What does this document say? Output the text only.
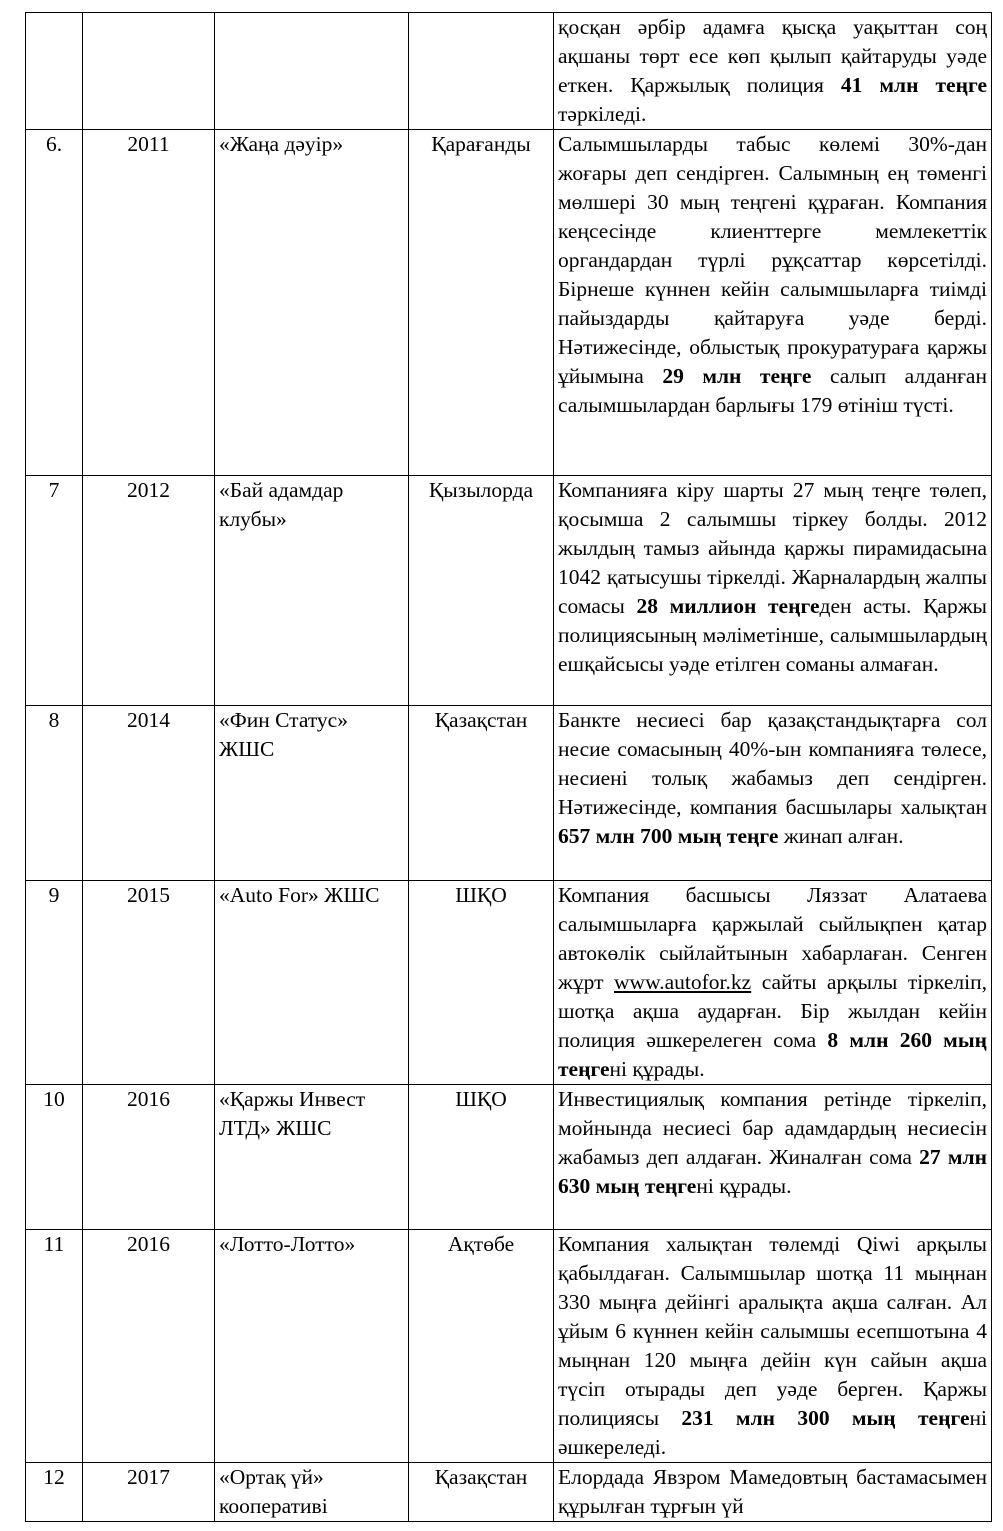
				қосқан әрбір адамға қысқа уақыттан соң ақшаны төрт есе көп қылып қайтаруды уәде еткен. Қаржылық полиция 41 млн теңге тәркіледі.

6.	2011	«Жаңа дәуір»	Қарағанды	Салымшыларды табыс көлемі 30%-дан жоғары деп сендірген. Салымның ең төменгі мөлшері 30 мың теңгені құраған. Компания кеңсесінде клиенттерге мемлекеттік органдардан түрлі рұқсаттар көрсетілді. Бірнеше күннен кейін салымшыларға тиімді пайыздарды қайтаруға уәде берді. Нәтижесінде, облыстық прокуратураға қаржы ұйымына 29 млн теңге салып алданған салымшылардан барлығы 179 өтініш түсті.

7	2012	«Бай адамдар клубы»	Қызылорда	Компанияға кіру шарты 27 мың теңге төлеп, қосымша 2 салымшы тіркеу болды. 2012 жылдың тамыз айында қаржы пирамидасына 1042 қатысушы тіркелді. Жарналардың жалпы сомасы 28 миллион теңгеден асты. Қаржы полициясының мәліметінше, салымшылардың ешқайсысы уәде етілген соманы алмаған.

8	2014	«Фин Статус» ЖШС	Қазақстан	Банкте несиесі бар қазақстандықтарға сол несие сомасының 40%-ын компанияға төлесе, несиені толық жабамыз деп сендірген. Нәтижесінде, компания басшылары халықтан 657 млн 700 мың теңге жинап алған.

9	2015	«Auto For» ЖШС	ШҚО	Компания басшысы Ляззат Алатаева салымшыларға қаржылай сыйлықпен қатар автокөлік сыйлайтынын хабарлаған. Сенген жұрт www.autofor.kz сайты арқылы тіркеліп, шотқа ақша аударған. Бір жылдан кейін полиция әшкерелеген сома 8 млн 260 мың теңгені құрады.

10	2016	«Қаржы Инвест ЛТД» ЖШС	ШҚО	Инвестициялық компания ретінде тіркеліп, мойнында несиесі бар адамдардың несиесін жабамыз деп алдаған. Жиналған сома 27 млн 630 мың теңгені құрады.

11	2016	«Лотто-Лотто»	Ақтөбе	Компания халықтан төлемді Qiwi арқылы қабылдаған. Салымшылар шотқа 11 мыңнан 330 мыңға дейінгі аралықта ақша салған. Ал ұйым 6 күннен кейін салымшы есепшотына 4 мыңнан 120 мыңға дейін күн сайын ақша түсіп отырады деп уәде берген. Қаржы полициясы 231 млн 300 мың теңгені әшкереледі.

12	2017	«Ортақ үй» кооперативі	Қазақстан	Елордада Явзром Мамедовтың бастамасымен құрылған тұрғын үй
